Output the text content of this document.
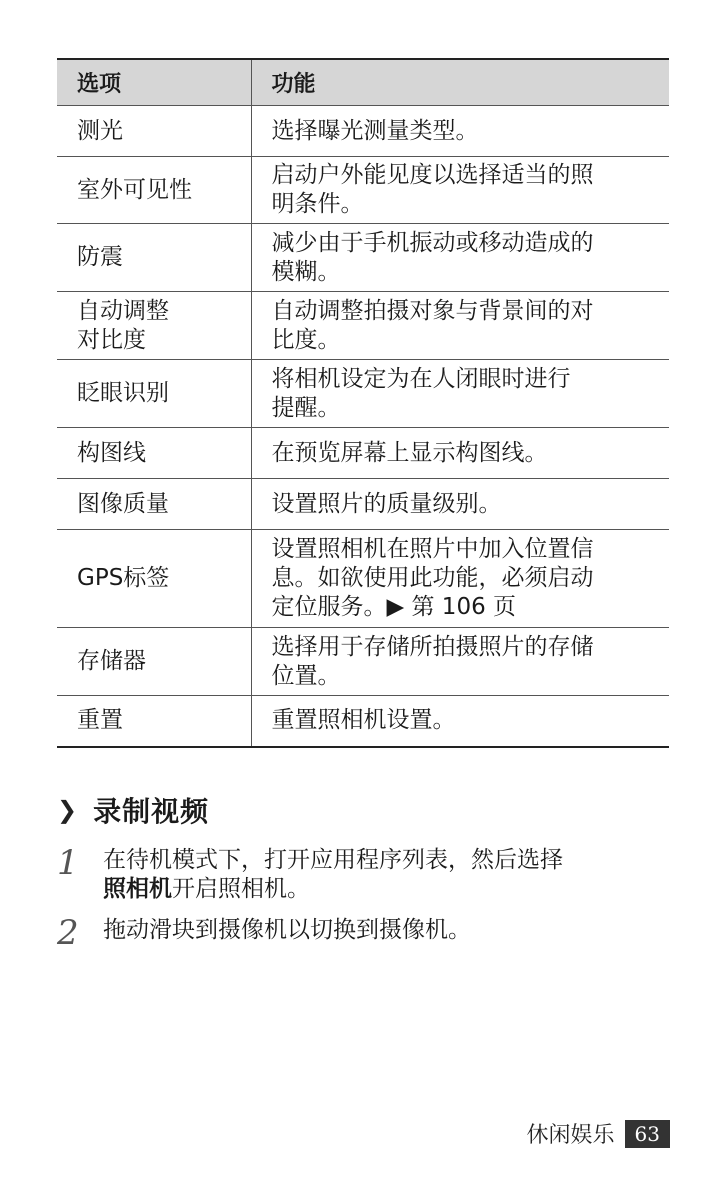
选项	功能
测光	选择曝光测量类型。
室外可见性	启动户外能见度以选择适当的照
明条件。
防震	减少由于手机振动或移动造成的
模糊。
自动调整
对比度	自动调整拍摄对象与背景间的对
比度。
眨眼识别	将相机设定为在人闭眼时进行
提醒。
构图线	在预览屏幕上显示构图线。
图像质量	设置照片的质量级别。
GPS标签	设置照相机在照片中加入位置信
息。如欲使用此功能，必须启动
定位服务。▶ 第 106 页
存储器	选择用于存储所拍摄照片的存储
位置。
重置	重置照相机设置。
❯ 录制视频
1	在待机模式下，打开应用程序列表，然后选择
照相机开启照相机。
2	拖动滑块到摄像机以切换到摄像机。
休闲娱乐	63
